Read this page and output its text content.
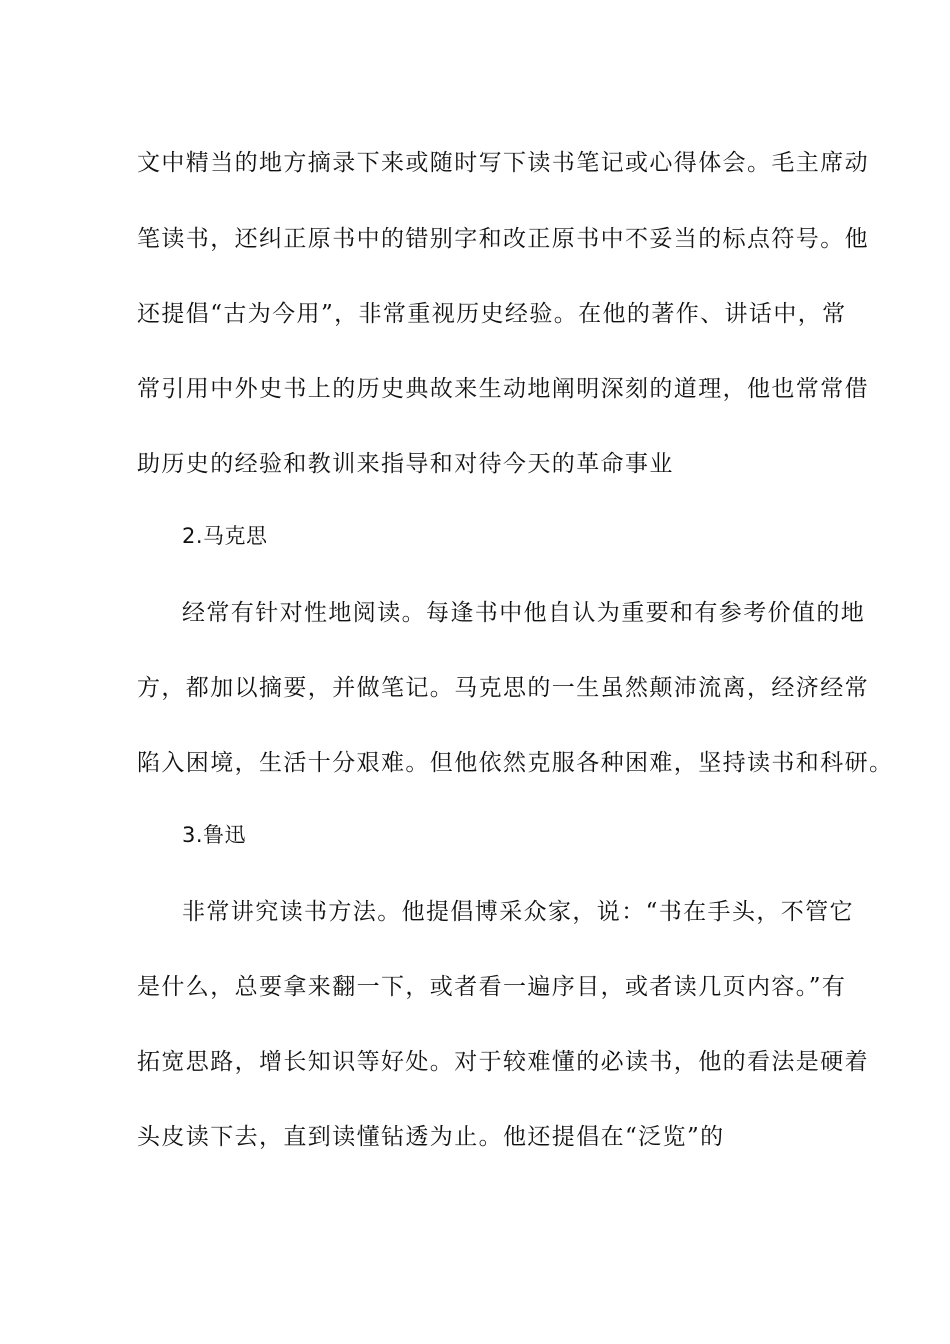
文中精当的地方摘录下来或随时写下读书笔记或心得体会。毛主席动
笔读书，还纠正原书中的错别字和改正原书中不妥当的标点符号。他
还提倡“古为今用”，非常重视历史经验。在他的著作、讲话中，常
常引用中外史书上的历史典故来生动地阐明深刻的道理，他也常常借
助历史的经验和教训来指导和对待今天的革命事业
2.马克思
经常有针对性地阅读。每逢书中他自认为重要和有参考价值的地
方，都加以摘要，并做笔记。马克思的一生虽然颠沛流离，经济经常
陷入困境，生活十分艰难。但他依然克服各种困难，坚持读书和科研。
3.鲁迅
非常讲究读书方法。他提倡博采众家，说：“书在手头，不管它
是什么，总要拿来翻一下，或者看一遍序目，或者读几页内容。”有
拓宽思路，增长知识等好处。对于较难懂的必读书，他的看法是硬着
头皮读下去，直到读懂钻透为止。他还提倡在“泛览”的
